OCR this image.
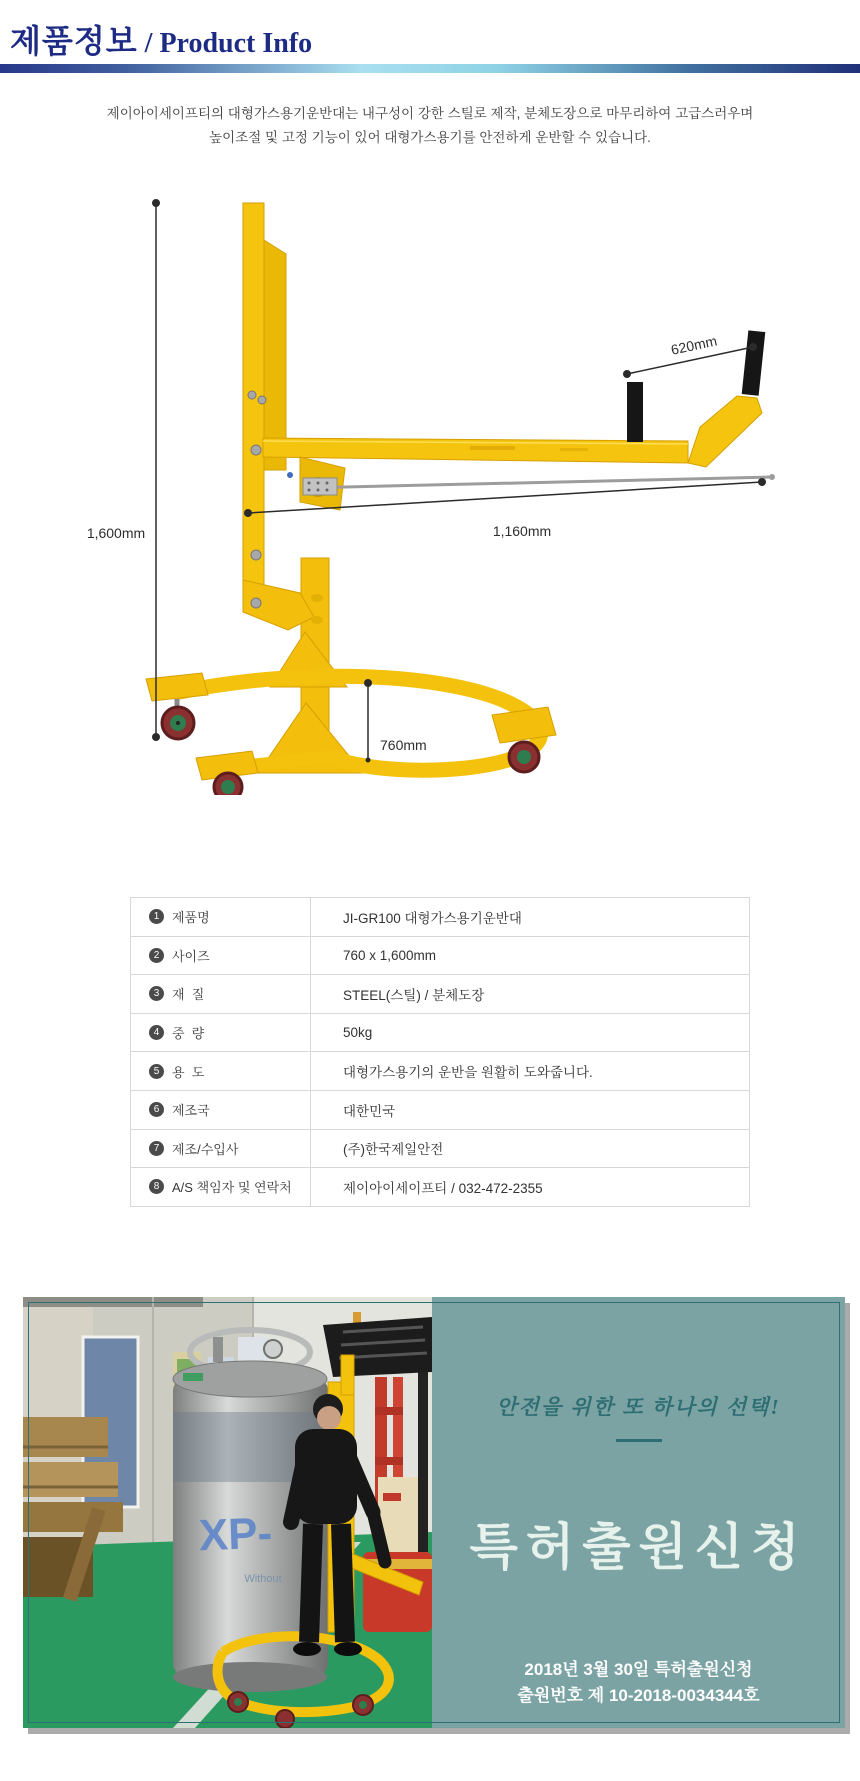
제품정보 / Product Info
제이아이세이프티의 대형가스용기운반대는 내구성이 강한 스틸로 제작, 분체도장으로 마무리하여 고급스러우며
높이조절 및 고정 기능이 있어 대형가스용기를 안전하게 운반할 수 있습니다.
1,600mm
620mm
1,160mm
760mm
1 제품명	JI-GR100 대형가스용기운반대
2 사이즈	760 x 1,600mm
3 재  질	STEEL(스틸) / 분체도장
4 중  량	50kg
5 용  도	대형가스용기의 운반을 원활히 도와줍니다.
6 제조국	대한민국
7 제조/수입사	(주)한국제일안전
8 A/S 책임자 및 연락처	제이아이세이프티 / 032-472-2355
XP-
Without
안전을 위한 또 하나의 선택!
특허출원신청
2018년 3월 30일 특허출원신청
출원번호 제 10-2018-0034344호
